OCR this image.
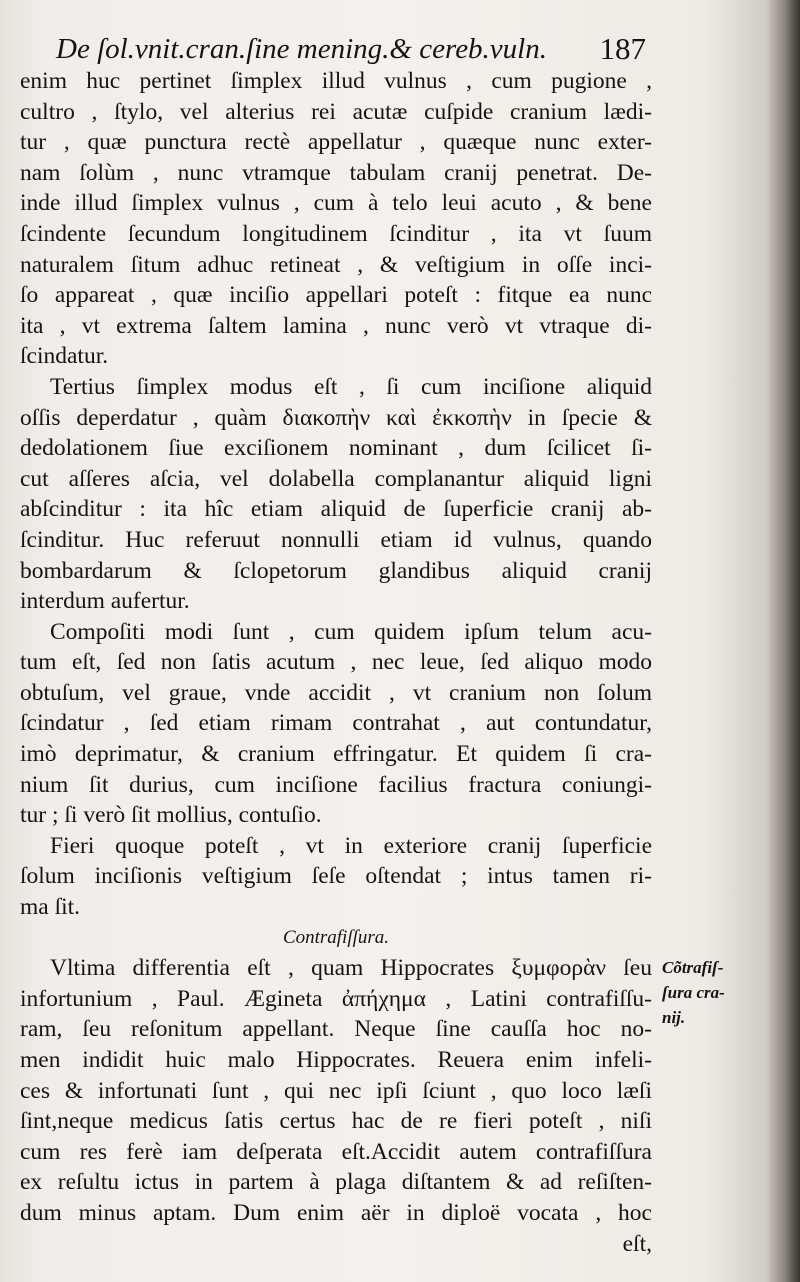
De ſol.vnit.cran.ſine mening.& cereb.vuln. 187
enim huc pertinet ſimplex illud vulnus , cum pugione ,
cultro , ſtylo, vel alterius rei acutæ cuſpide cranium lædi-
tur , quæ punctura rectè appellatur , quæque nunc exter-
nam ſolùm , nunc vtramque tabulam cranij penetrat. De-
inde illud ſimplex vulnus , cum à telo leui acuto , & bene
ſcindente ſecundum longitudinem ſcinditur , ita vt ſuum
naturalem ſitum adhuc retineat , & veſtigium in oſſe inci-
ſo appareat , quæ inciſio appellari poteſt : fitque ea nunc
ita , vt extrema ſaltem lamina , nunc verò vt vtraque di-
ſcindatur.
Tertius ſimplex modus eſt , ſi cum inciſione aliquid
oſſis deperdatur , quàm διακοπὴν καὶ ἐκκοπὴν in ſpecie &
dedolationem ſiue exciſionem nominant , dum ſcilicet ſi-
cut aſſeres aſcia, vel dolabella complanantur aliquid ligni
abſcinditur : ita hîc etiam aliquid de ſuperficie cranij ab-
ſcinditur. Huc referuut nonnulli etiam id vulnus, quando
bombardarum & ſclopetorum glandibus aliquid cranij
interdum aufertur.
Compoſiti modi ſunt , cum quidem ipſum telum acu-
tum eſt, ſed non ſatis acutum , nec leue, ſed aliquo modo
obtuſum, vel graue, vnde accidit , vt cranium non ſolum
ſcindatur , ſed etiam rimam contrahat , aut contundatur,
imò deprimatur, & cranium effringatur. Et quidem ſi cra-
nium ſit durius, cum inciſione facilius fractura coniungi-
tur ; ſi verò ſit mollius, contuſio.
Fieri quoque poteſt , vt in exteriore cranij ſuperficie
ſolum inciſionis veſtigium ſeſe oſtendat ; intus tamen ri-
ma ſit.
Contrafiſſura.
Vltima differentia eſt , quam Hippocrates ξυμφορὰν ſeu
infortunium , Paul. Ægineta ἀπήχημα , Latini contrafiſſu-
ram, ſeu reſonitum appellant. Neque ſine cauſſa hoc no-
men indidit huic malo Hippocrates. Reuera enim infeli-
ces & infortunati ſunt , qui nec ipſi ſciunt , quo loco læſi
ſint,neque medicus ſatis certus hac de re fieri poteſt , niſi
cum res ferè iam deſperata eſt.Accidit autem contrafiſſura
ex reſultu ictus in partem à plaga diſtantem & ad reſiſten-
dum minus aptam. Dum enim aër in diploë vocata , hoc
eſt,
Cõtrafiſ-
ſura cra-
nij.
